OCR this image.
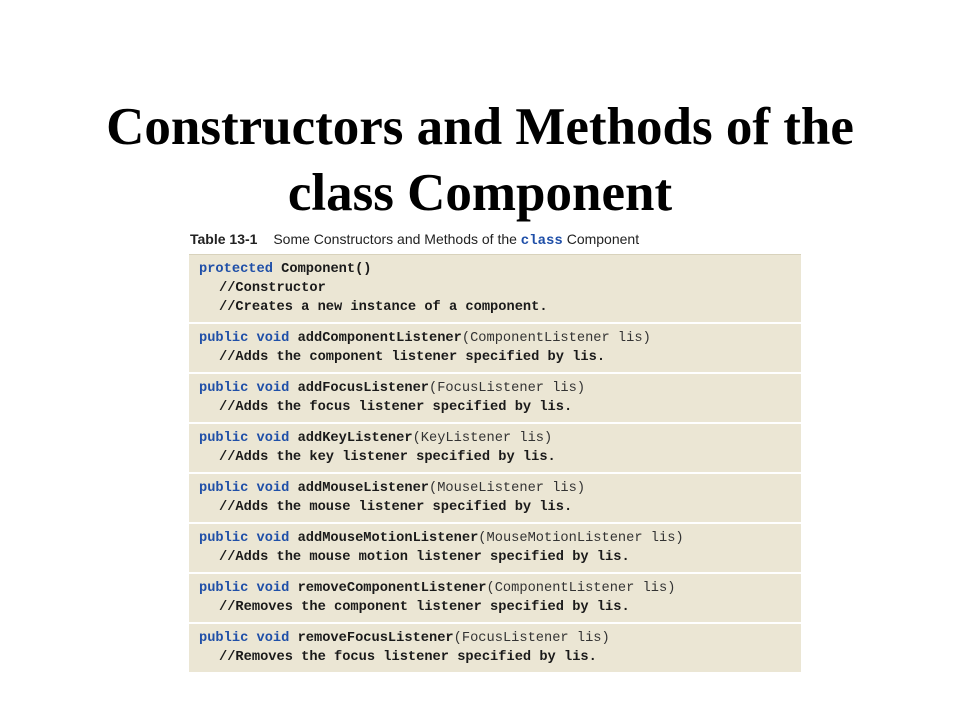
Constructors and Methods of the
class Component
Table 13-1 Some Constructors and Methods of the class Component
protected Component()
//Constructor
//Creates a new instance of a component.
public void addComponentListener(ComponentListener lis)
//Adds the component listener specified by lis.
public void addFocusListener(FocusListener lis)
//Adds the focus listener specified by lis.
public void addKeyListener(KeyListener lis)
//Adds the key listener specified by lis.
public void addMouseListener(MouseListener lis)
//Adds the mouse listener specified by lis.
public void addMouseMotionListener(MouseMotionListener lis)
//Adds the mouse motion listener specified by lis.
public void removeComponentListener(ComponentListener lis)
//Removes the component listener specified by lis.
public void removeFocusListener(FocusListener lis)
//Removes the focus listener specified by lis.
